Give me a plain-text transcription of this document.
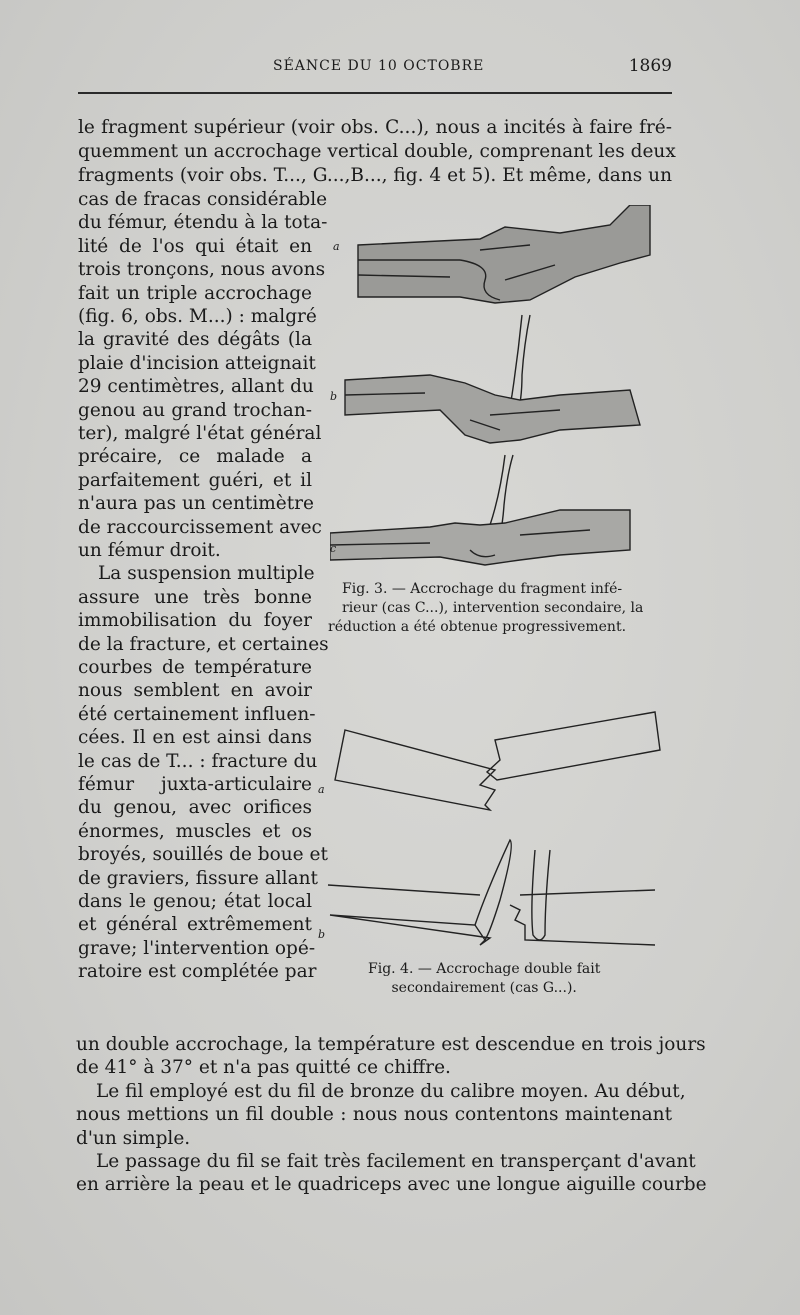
SÉANCE DU 10 OCTOBRE	1869
le fragment supérieur (voir obs. C...), nous a incités à faire fré-
quemment un accrochage vertical double, comprenant les deux
fragments (voir obs. T..., G...,B..., fig. 4 et 5). Et même, dans un
cas de fracas considérable
du fémur, étendu à la tota-
lité de l'os qui était en
trois tronçons, nous avons
fait un triple accrochage
(fig. 6, obs. M...) : malgré
la gravité des dégâts (la
plaie d'incision atteignait
29 centimètres, allant du
genou au grand trochan-
ter), malgré l'état général
précaire, ce malade a
parfaitement guéri, et il
n'aura pas un centimètre
de raccourcissement avec
un fémur droit.
La suspension multiple
assure une très bonne
immobilisation du foyer
de la fracture, et certaines
courbes de température
nous semblent en avoir
été certainement influen-
cées. Il en est ainsi dans
le cas de T... : fracture du
fémur juxta-articulaire
du genou, avec orifices
énormes, muscles et os
broyés, souillés de boue et
de graviers, fissure allant
dans le genou; état local
et général extrêmement
grave; l'intervention opé-
ratoire est complétée par
un double accrochage, la température est descendue en trois jours
de 41° à 37° et n'a pas quitté ce chiffre.
Le fil employé est du fil de bronze du calibre moyen. Au début,
nous mettions un fil double : nous nous contentons maintenant
d'un simple.
Le passage du fil se fait très facilement en transperçant d'avant
en arrière la peau et le quadriceps avec une longue aiguille courbe
a
b
c
Fig. 3. — Accrochage du fragment infé-
rieur (cas C...), intervention secondaire, la
réduction a été obtenue progressivement.
a
b
Fig. 4. — Accrochage double fait
secondairement (cas G...).
